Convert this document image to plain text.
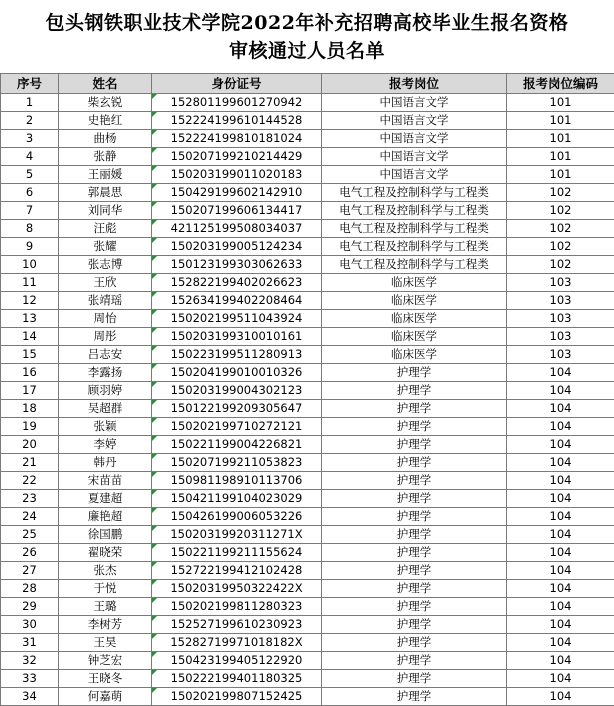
包头钢铁职业技术学院2022年补充招聘高校毕业生报名资格
审核通过人员名单
序号	姓名	身份证号	报考岗位	报考岗位编码
1	柴玄锐	152801199601270942	中国语言文学	101
2	史艳红	152224199610144528	中国语言文学	101
3	曲杨	152224199810181024	中国语言文学	101
4	张静	150207199210214429	中国语言文学	101
5	王丽媛	150203199011020183	中国语言文学	101
6	郭晨思	150429199602142910	电气工程及控制科学与工程类	102
7	刘同华	150207199606134417	电气工程及控制科学与工程类	102
8	汪彪	421125199508034037	电气工程及控制科学与工程类	102
9	张耀	150203199005124234	电气工程及控制科学与工程类	102
10	张志博	150123199303062633	电气工程及控制科学与工程类	102
11	王欣	152822199402026623	临床医学	103
12	张靖瑶	152634199402208464	临床医学	103
13	周怡	150202199511043924	临床医学	103
14	周彤	150203199310010161	临床医学	103
15	吕志安	150223199511280913	临床医学	103
16	李露扬	150204199010010326	护理学	104
17	顾羽婷	150203199004302123	护理学	104
18	吴超群	150122199209305647	护理学	104
19	张颖	150202199710272121	护理学	104
20	李婷	150221199004226821	护理学	104
21	韩丹	150207199211053823	护理学	104
22	宋苗苗	150981198910113706	护理学	104
23	夏建超	150421199104023029	护理学	104
24	廉艳超	150426199006053226	护理学	104
25	徐国鹏	15020319920311271X	护理学	104
26	翟晓荣	150221199211155624	护理学	104
27	张杰	152722199412102428	护理学	104
28	于悦	15020319950322422X	护理学	104
29	王璐	150202199811280323	护理学	104
30	李树芳	152527199610230923	护理学	104
31	王昊	15282719971018182X	护理学	104
32	钟芝宏	150423199405122920	护理学	104
33	王晓冬	150222199401180325	护理学	104
34	何嘉萌	150202199807152425	护理学	104
